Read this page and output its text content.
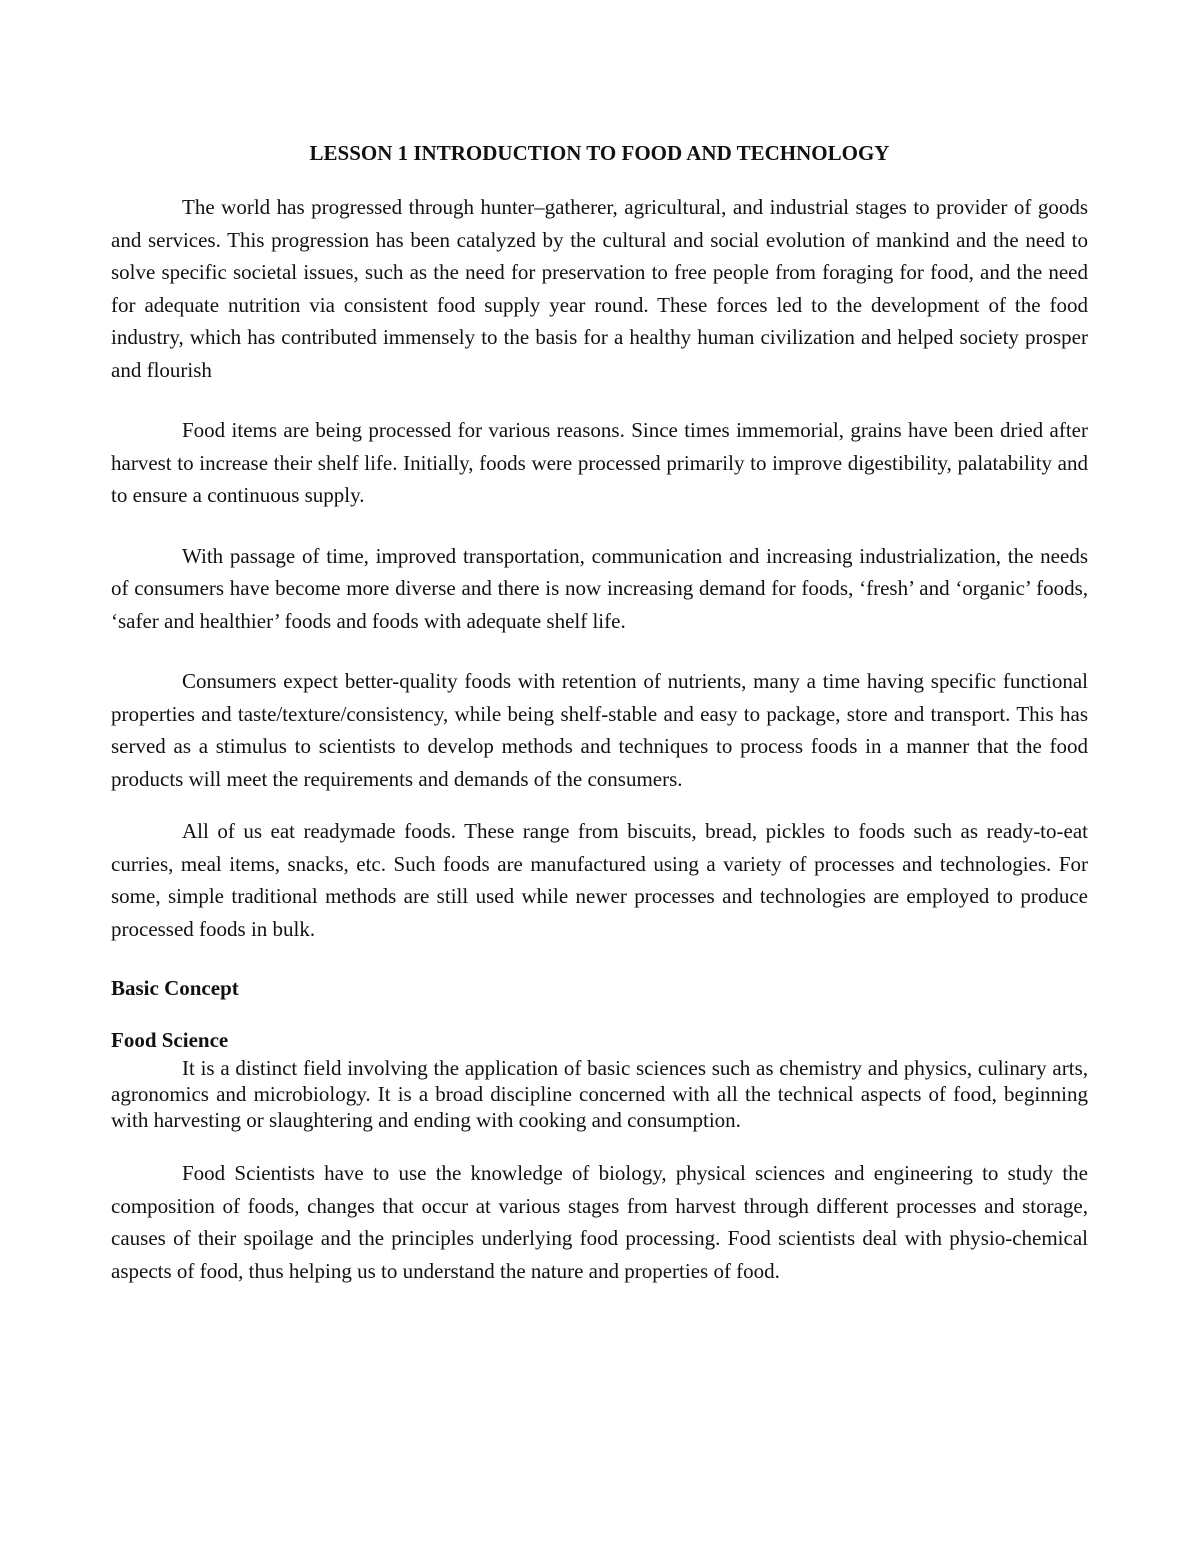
LESSON 1 INTRODUCTION TO FOOD AND TECHNOLOGY

The world has progressed through hunter–gatherer, agricultural, and industrial stages to provider of goods and services. This progression has been catalyzed by the cultural and social evolution of mankind and the need to solve specific societal issues, such as the need for preservation to free people from foraging for food, and the need for adequate nutrition via consistent food supply year round. These forces led to the development of the food industry, which has contributed immensely to the basis for a healthy human civilization and helped society prosper and flourish

Food items are being processed for various reasons. Since times immemorial, grains have been dried after harvest to increase their shelf life. Initially, foods were processed primarily to improve digestibility, palatability and to ensure a continuous supply.

With passage of time, improved transportation, communication and increasing industrialization, the needs of consumers have become more diverse and there is now increasing demand for foods, ‘fresh’ and ‘organic’ foods, ‘safer and healthier’ foods and foods with adequate shelf life.

Consumers expect better-quality foods with retention of nutrients, many a time having specific functional properties and taste/texture/consistency, while being shelf-stable and easy to package, store and transport. This has served as a stimulus to scientists to develop methods and techniques to process foods in a manner that the food products will meet the requirements and demands of the consumers.

All of us eat readymade foods. These range from biscuits, bread, pickles to foods such as ready-to-eat curries, meal items, snacks, etc. Such foods are manufactured using a variety of processes and technologies. For some, simple traditional methods are still used while newer processes and technologies are employed to produce processed foods in bulk.

Basic Concept
Food Science

It is a distinct field involving the application of basic sciences such as chemistry and physics, culinary arts, agronomics and microbiology. It is a broad discipline concerned with all the technical aspects of food, beginning with harvesting or slaughtering and ending with cooking and consumption.

Food Scientists have to use the knowledge of biology, physical sciences and engineering to study the composition of foods, changes that occur at various stages from harvest through different processes and storage, causes of their spoilage and the principles underlying food processing. Food scientists deal with physio-chemical aspects of food, thus helping us to understand the nature and properties of food.
